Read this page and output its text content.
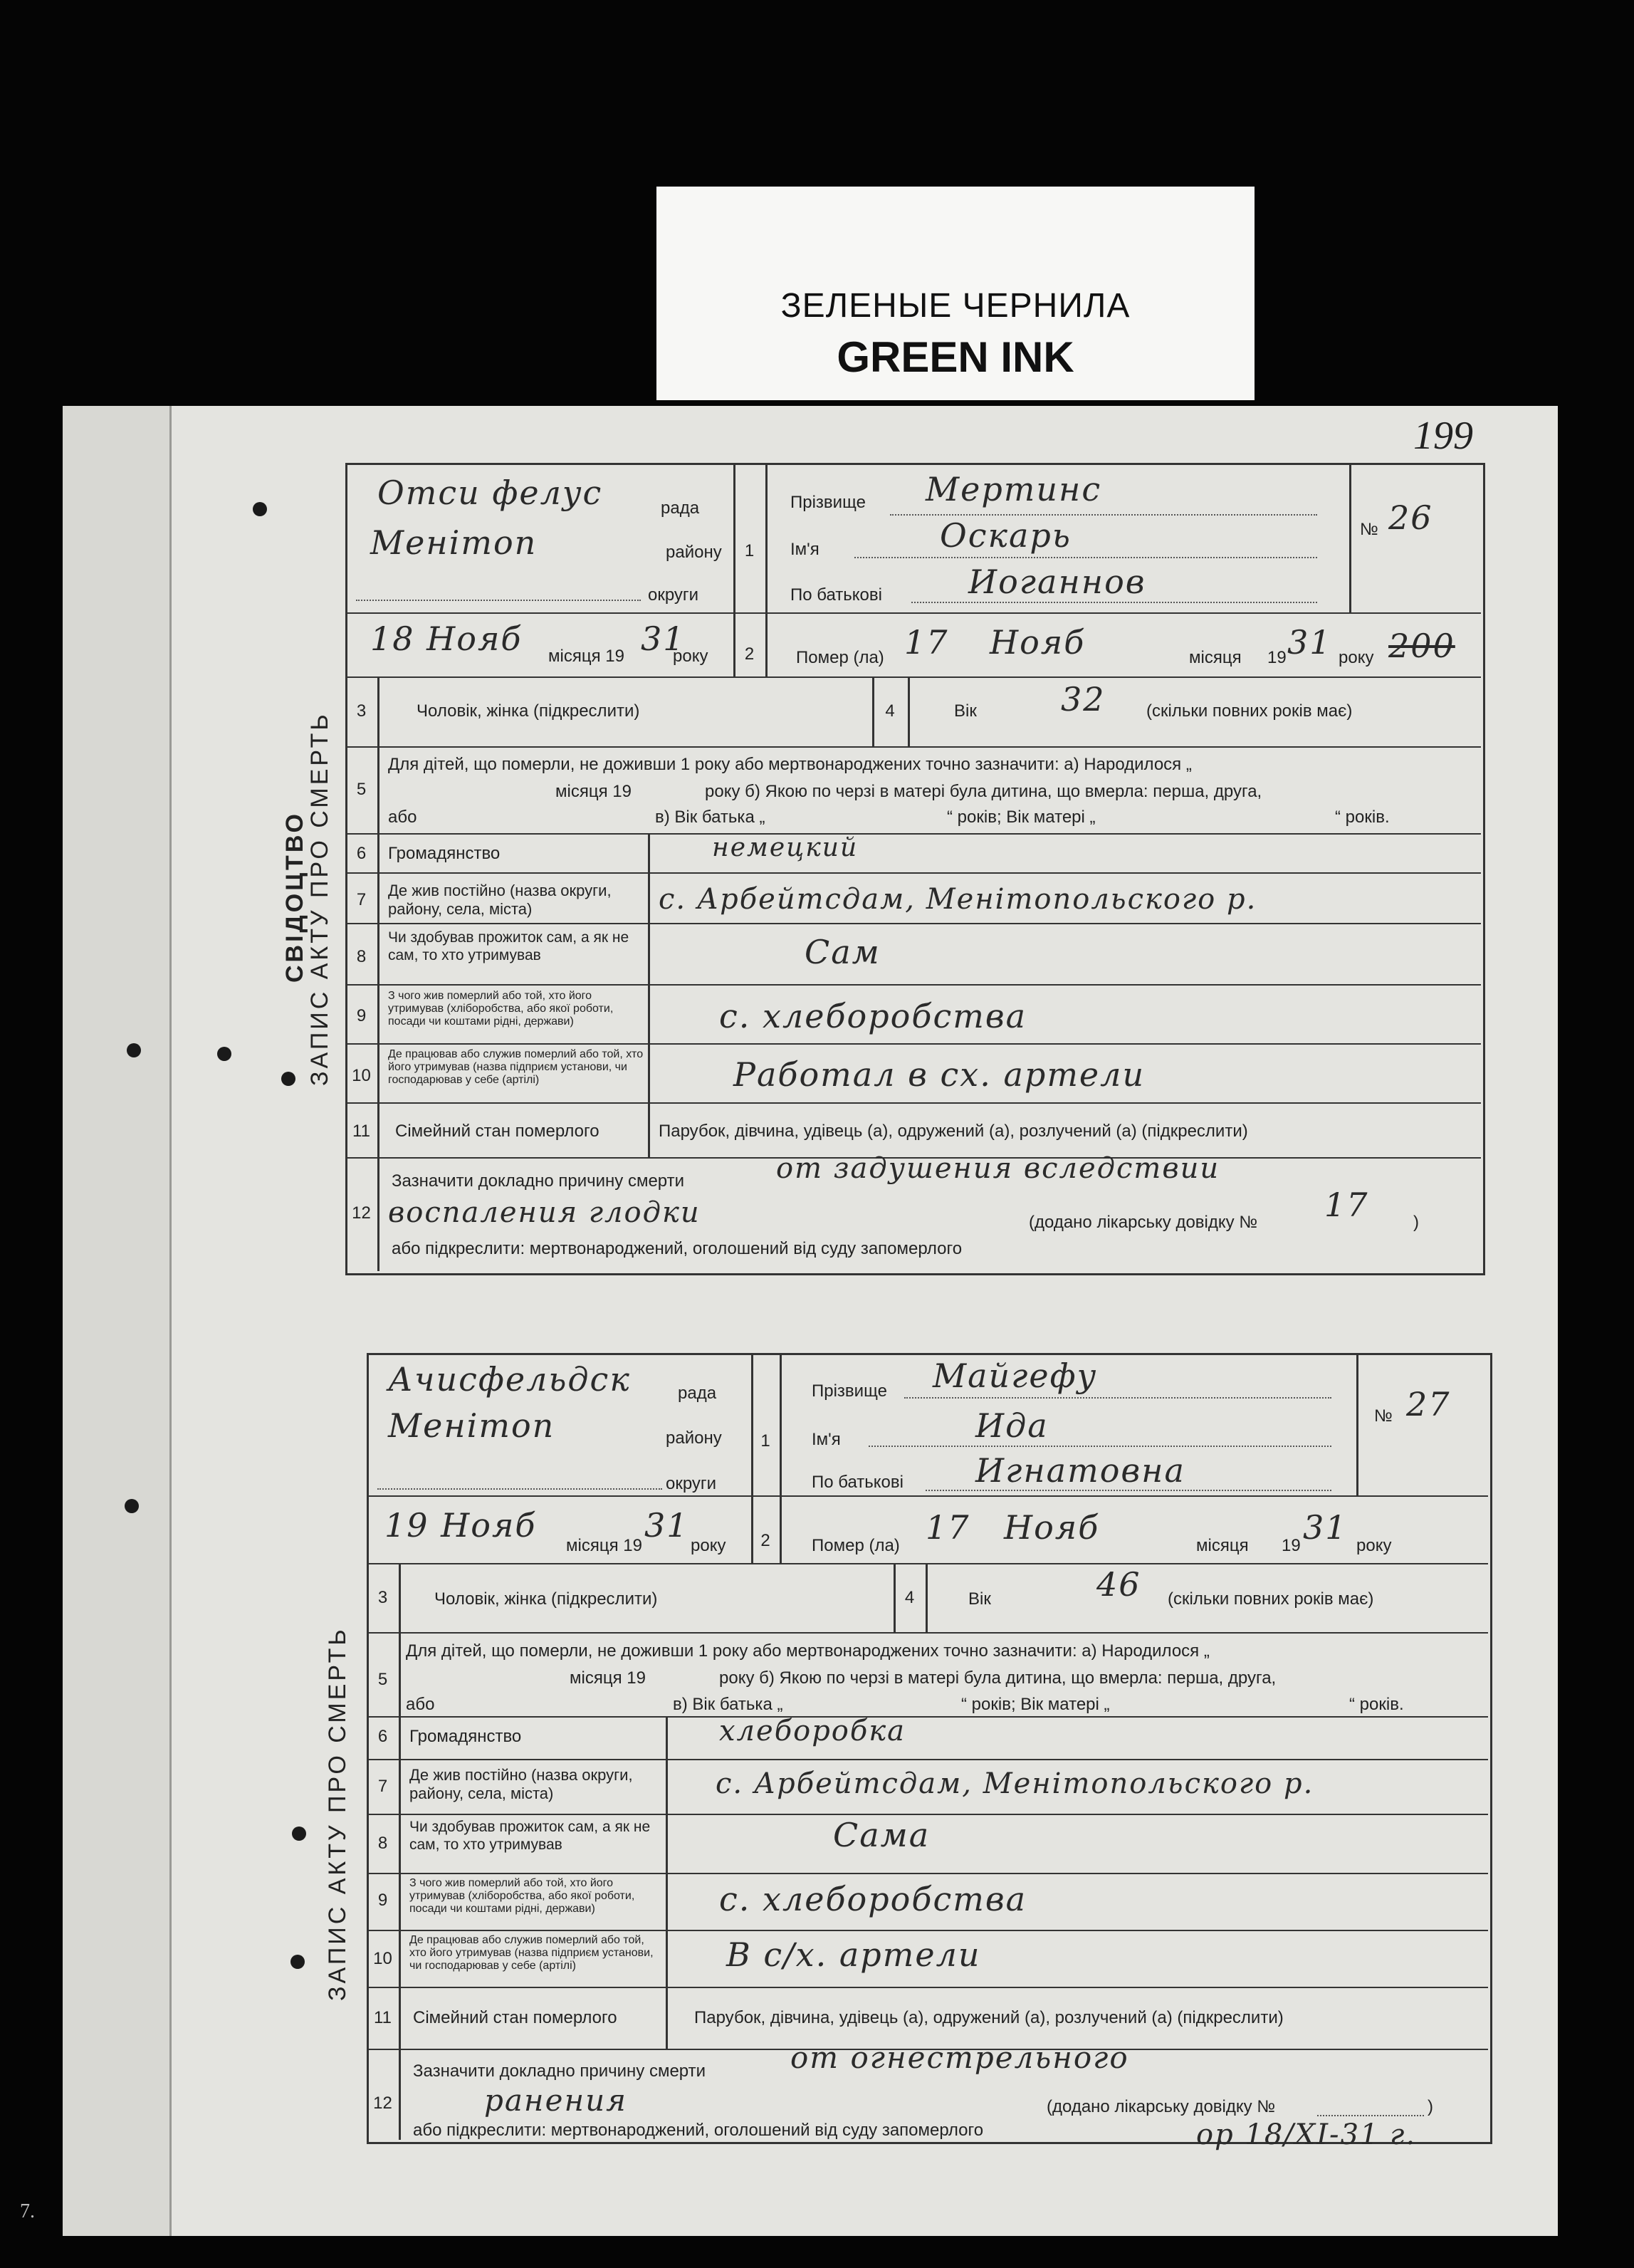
ЗЕЛЕНЫЕ ЧЕРНИЛА
GREEN INK
199
7.
ЗАПИС АКТУ ПРО СМЕРТЬ
СВІДОЦТВО
Отси фелус	рада
Менітоп	району
округи
18 Нояб місяця 19 31
року
1
Прізвище Мертинс
Ім'я	Оскарь
По батькові	Иоганнов
№ 26
2	Помер (ла) 17 Нояб	місяця 19 31 року 200
3	Чоловік, жінка (підкреслити)	4	Вік	32 (скільки повних років має)
5
Для дітей, що померли, не доживши 1 року або мертвонароджених точно зазначити: а) Народилося „
місяця 19	року б) Якою по черзі в матері була дитина, що вмерла: перша, друга,
або	в) Вік батька „	“ років; Вік матері „	“ років.
6	Громадянство	немецкий
7	Де жив постійно (назва округи, району, села, міста)	с. Арбейтсдам, Менітопольского р.
8
Чи здобував прожиток сам, а як не сам, то хто утримував	Сам
9
З чого жив померлий або той, хто його утримував (хліборобства, або якої роботи, посади чи коштами рідні, держави)	с. хлеборобства
10
Де працював або служив померлий або той, хто його утримував (назва підприєм установи, чи господарював у себе (артілі)	Работал в сх. артели
11	Сімейний стан померлого	Парубок, дівчина, удівець (а), одружений (а), розлучений (а) (підкреслити)
12
Зазначити докладно причину смерти	от задушения вследствии
воспаления глодки	(додано лікарську довідку № 17	)
або підкреслити: мертвонароджений, оголошений від суду запомерлого
ЗАПИС АКТУ ПРО СМЕРТЬ
Ачисфельдск	рада
Менітоп	району
округи
19 Нояб
місяця 19
31
року
1
Прізвище Майгефу
Ім'я	Ида
По батькові Игнатовна
№ 27
2	Помер (ла) 17 Нояб	місяця 19 31 року
3	Чоловік, жінка (підкреслити)	4	Вік	46 (скільки повних років має)
5
Для дітей, що померли, не доживши 1 року або мертвонароджених точно зазначити: а) Народилося „
місяця 19	року б) Якою по черзі в матері була дитина, що вмерла: перша, друга,
або	в) Вік батька „	“ років; Вік матері „	“ років.
6	Громадянство	хлеборобка
7
Де жив постійно (назва округи, району, села, міста)	с. Арбейтсдам, Менітопольского р.
8
Чи здобував прожиток сам, а як не сам, то хто утримував	Сама
9
З чого жив померлий або той, хто його утримував (хліборобства, або якої роботи, посади чи коштами рідні, держави)	с. хлеборобства
10
Де працював або служив померлий або той, хто його утримував (назва підприєм установи, чи господарював у себе (артілі)	В с/х. артели
11	Сімейний стан померлого	Парубок, дівчина, удівець (а), одружений (а), розлучений (а) (підкреслити)
12
Зазначити докладно причину смерти	от огнестрельного
ранения	(додано лікарську довідку №	)
або підкреслити: мертвонароджений, оголошений від суду запомерлого	ор 18/XI-31 г.
